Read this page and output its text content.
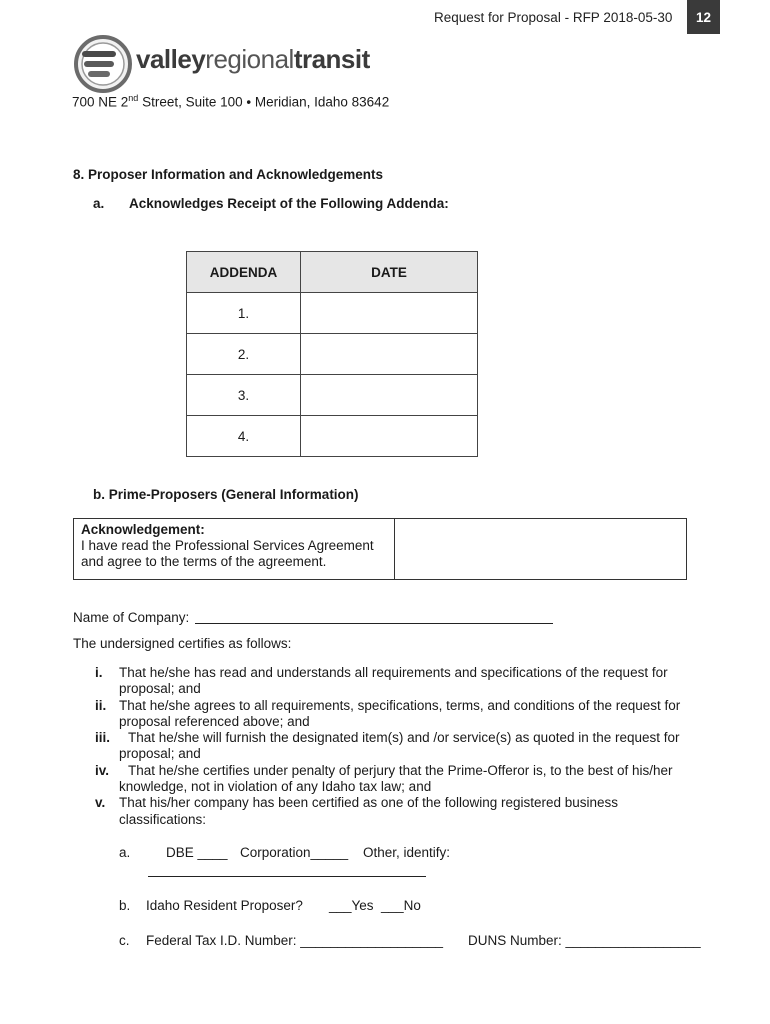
Request for Proposal - RFP 2018-05-30	12
valleyregionaltransit
700 NE 2nd Street, Suite 100 • Meridian, Idaho 83642
8. Proposer Information and Acknowledgements
a. Acknowledges Receipt of the Following Addenda:
ADDENDA	DATE
1.	
2.	
3.	
4.	
b. Prime-Proposers (General Information)
Acknowledgement:
I have read the Professional Services Agreement
and agree to the terms of the agreement.
Name of Company:
The undersigned certifies as follows:
i. That he/she has read and understands all requirements and specifications of the request for
proposal; and
ii. That he/she agrees to all requirements, specifications, terms, and conditions of the request for
proposal referenced above; and
iii. That he/she will furnish the designated item(s) and /or service(s) as quoted in the request for
proposal; and
iv. That he/she certifies under penalty of perjury that the Prime-Offeror is, to the best of his/her
knowledge, not in violation of any Idaho tax law; and
v. That his/her company has been certified as one of the following registered business
classifications:
a.	DBE ____ Corporation_____ Other, identify:
b. Idaho Resident Proposer? ___Yes  ___No
c. Federal Tax I.D. Number: ___________________ DUNS Number: __________________
